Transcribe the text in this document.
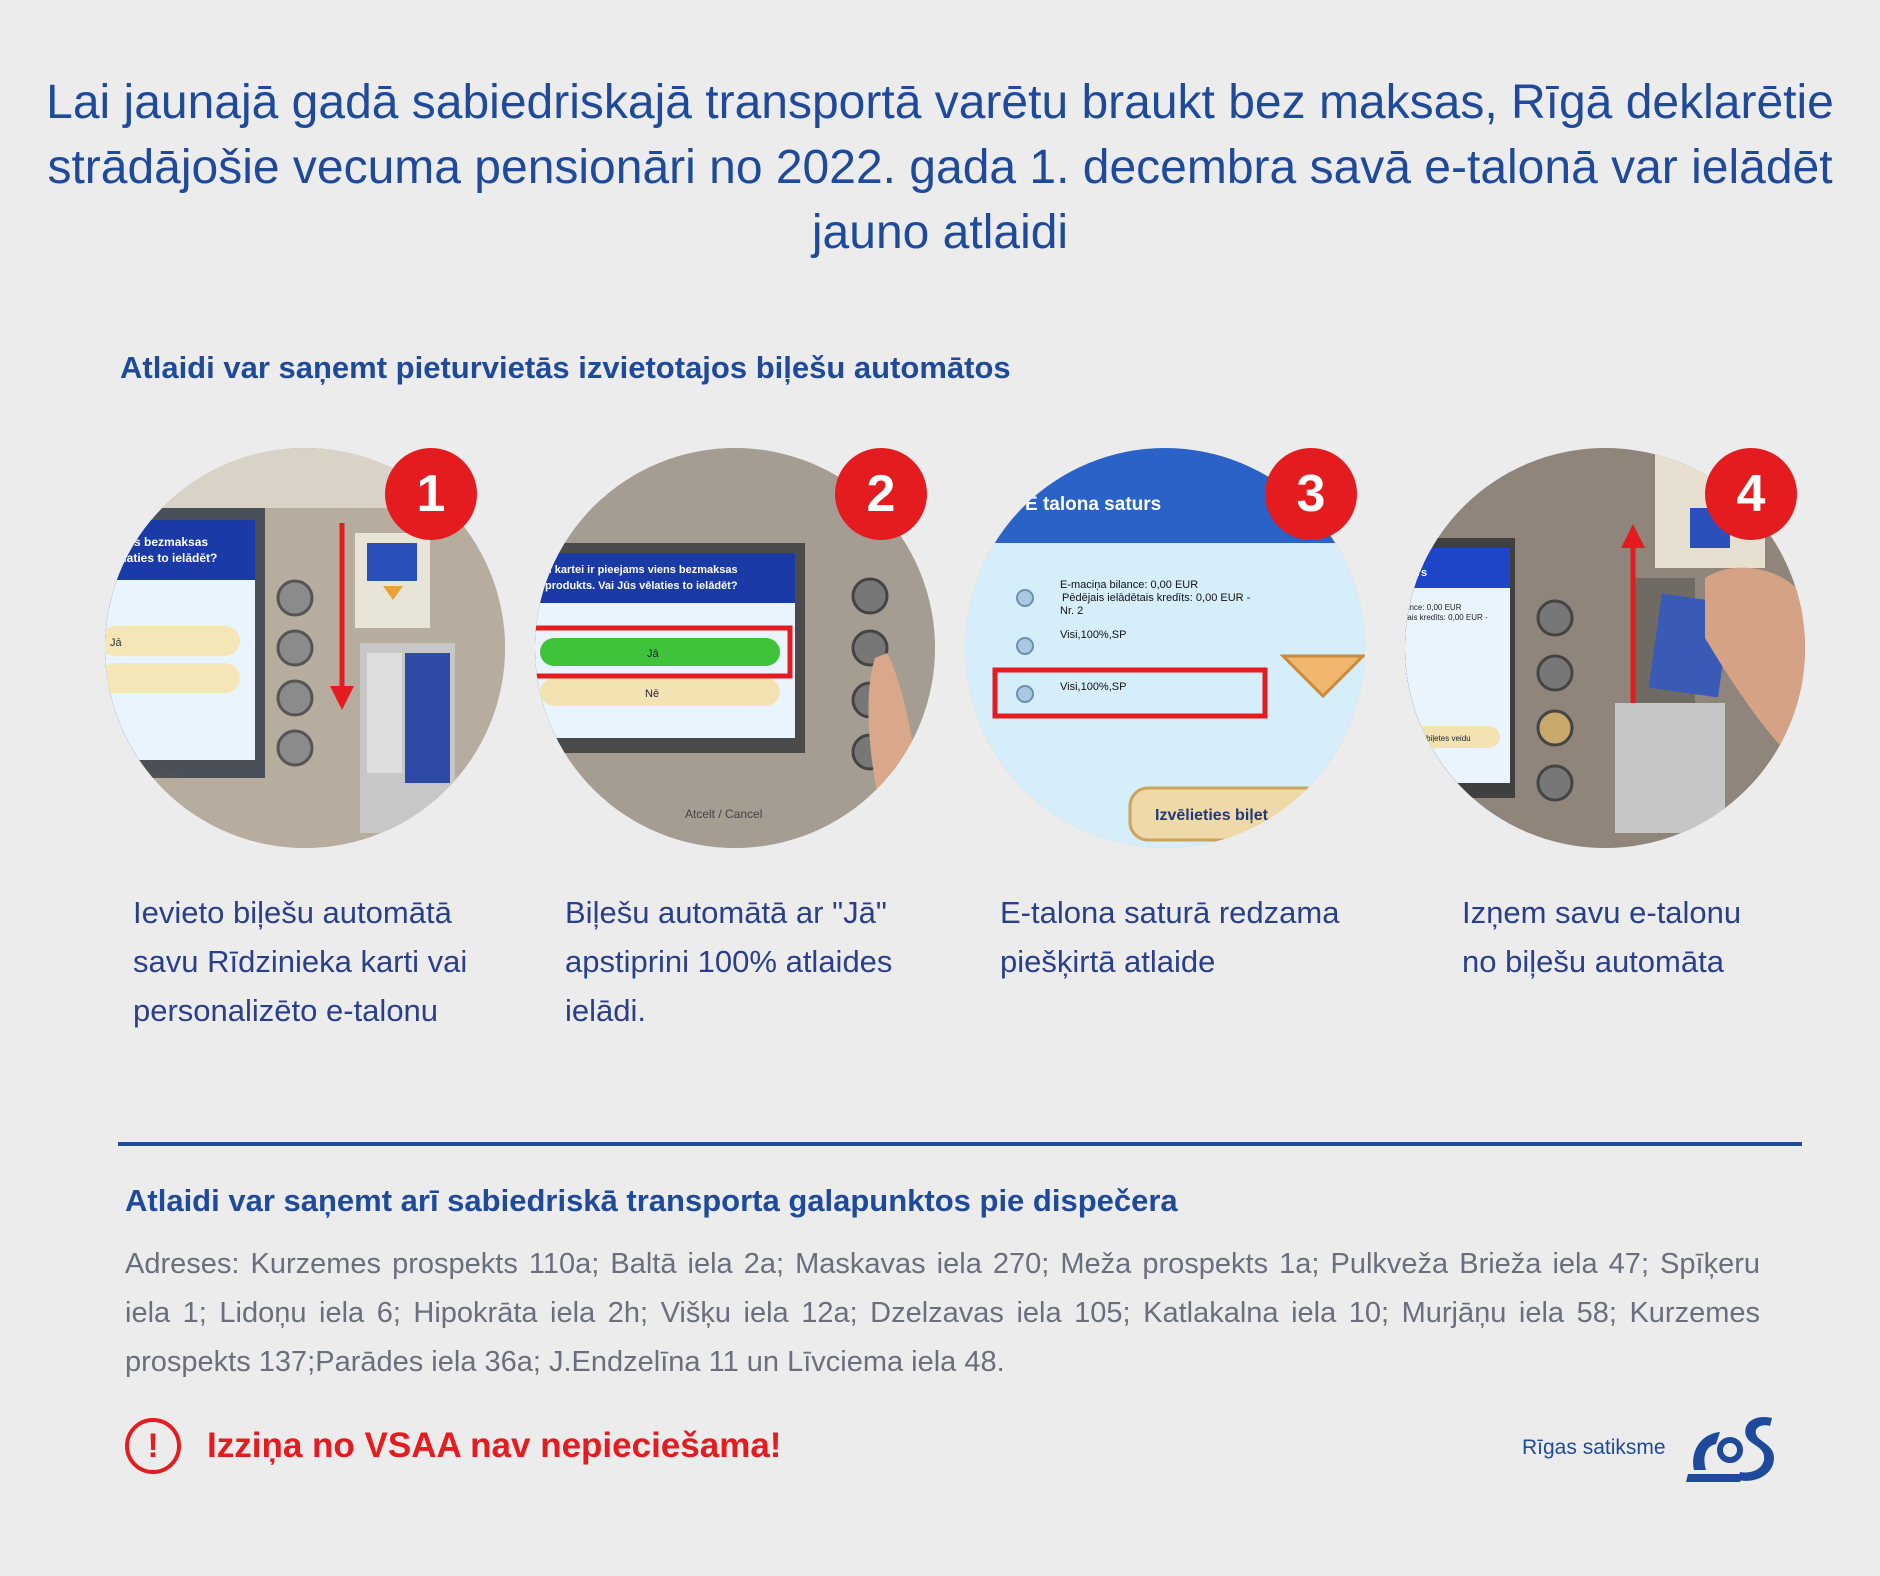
Lai jaunajā gadā sabiedriskajā transportā varētu braukt bez maksas, Rīgā deklarētie strādājošie vecuma pensionāri no 2022. gada 1. decembra savā e-talonā var ielādēt jauno atlaidi
Atlaidi var saņemt pieturvietās izvietotajos biļešu automātos
viens bezmaksas
vēlaties to ielādēt?
Jā
/ Cancel
1
u kartei ir pieejams viens bezmaksas
produkts. Vai Jūs vēlaties to ielādēt?
Jā
Nē
Atcelt / Cancel
2	E talona saturs
E-maciņa bilance: 0,00 EUR
Pēdējais ielādētais kredīts: 0,00 EUR -
Nr. 2
Visi,100%,SP
Visi,100%,SP
Izvēlieties biļet
3
urs
ance: 0,00 EUR
tais kredīts: 0,00 EUR -
eties biļetes veidu
Cel
4
Ievieto biļešu automātā savu Rīdzinieka karti vai personalizēto e-talonu
Biļešu automātā ar "Jā" apstiprini 100% atlaides ielādi.
E-talona saturā redzama piešķirtā atlaide
Izņem savu e-talonu no biļešu automāta
Atlaidi var saņemt arī sabiedriskā transporta galapunktos pie dispečera
Adreses: Kurzemes prospekts 110a; Baltā iela 2a; Maskavas iela 270; Meža prospekts 1a; Pulkveža Brieža iela 47; Spīķeru iela 1; Lidoņu iela 6; Hipokrāta iela 2h; Višķu iela 12a; Dzelzavas iela 105; Katlakalna iela 10; Murjāņu iela 58; Kurzemes prospekts 137;Parādes iela 36a; J.Endzelīna 11 un Līvciema iela 48.
!	Izziņa no VSAA nav nepieciešama!	Rīgas satiksme
